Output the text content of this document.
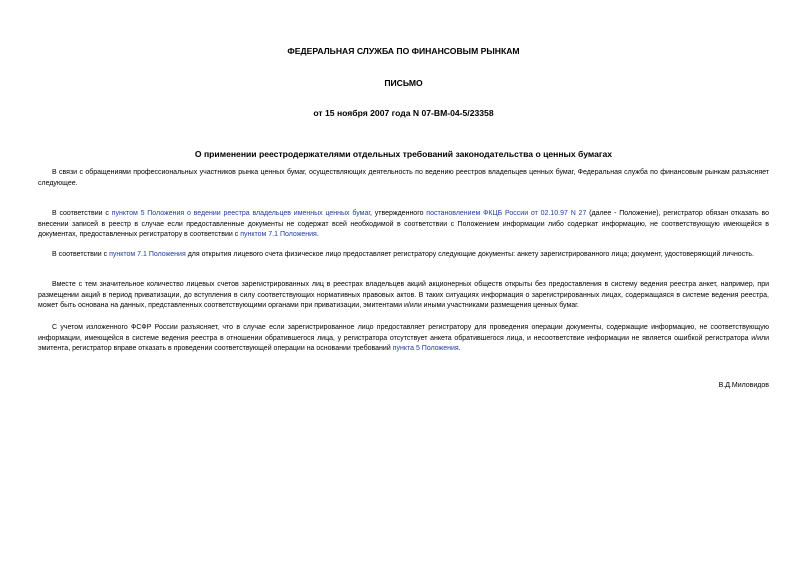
ФЕДЕРАЛЬНАЯ СЛУЖБА ПО ФИНАНСОВЫМ РЫНКАМ
ПИСЬМО
от 15 ноября 2007 года N 07-ВМ-04-5/23358
О применении реестродержателями отдельных требований законодательства о ценных бумагах

В связи с обращениями профессиональных участников рынка ценных бумаг, осуществляющих деятельность по ведению реестров владельцев ценных бумаг, Федеральная служба по финансовым рынкам разъясняет следующее.

В соответствии с пунктом 5 Положения о ведении реестра владельцев именных ценных бумаг, утвержденного постановлением ФКЦБ России от 02.10.97 N 27 (далее - Положение), регистратор обязан отказать во внесении записей в реестр в случае если предоставленные документы не содержат всей необходимой в соответствии с Положением информации либо содержат информацию, не соответствующую имеющейся в документах, предоставленных регистратору в соответствии с пунктом 7.1 Положения.

В соответствии с пунктом 7.1 Положения для открытия лицевого счета физическое лицо предоставляет регистратору следующие документы: анкету зарегистрированного лица; документ, удостоверяющий личность.

Вместе с тем значительное количество лицевых счетов зарегистрированных лиц в реестрах владельцев акций акционерных обществ открыты без предоставления в систему ведения реестра анкет, например, при размещении акций в период приватизации, до вступления в силу соответствующих нормативных правовых актов. В таких ситуациях информация о зарегистрированных лицах, содержащаяся в системе ведения реестра, может быть основана на данных, представленных соответствующими органами при приватизации, эмитентами и/или иными участниками размещения ценных бумаг.

С учетом изложенного ФСФР России разъясняет, что в случае если зарегистрированное лицо предоставляет регистратору для проведения операции документы, содержащие информацию, не соответствующую информации, имеющейся в системе ведения реестра в отношении обратившегося лица, у регистратора отсутствует анкета обратившегося лица, и несоответствие информации не является ошибкой регистратора и/или эмитента, регистратор вправе отказать в проведении соответствующей операции на основании требований пункта 5 Положения.

В.Д.Миловидов
